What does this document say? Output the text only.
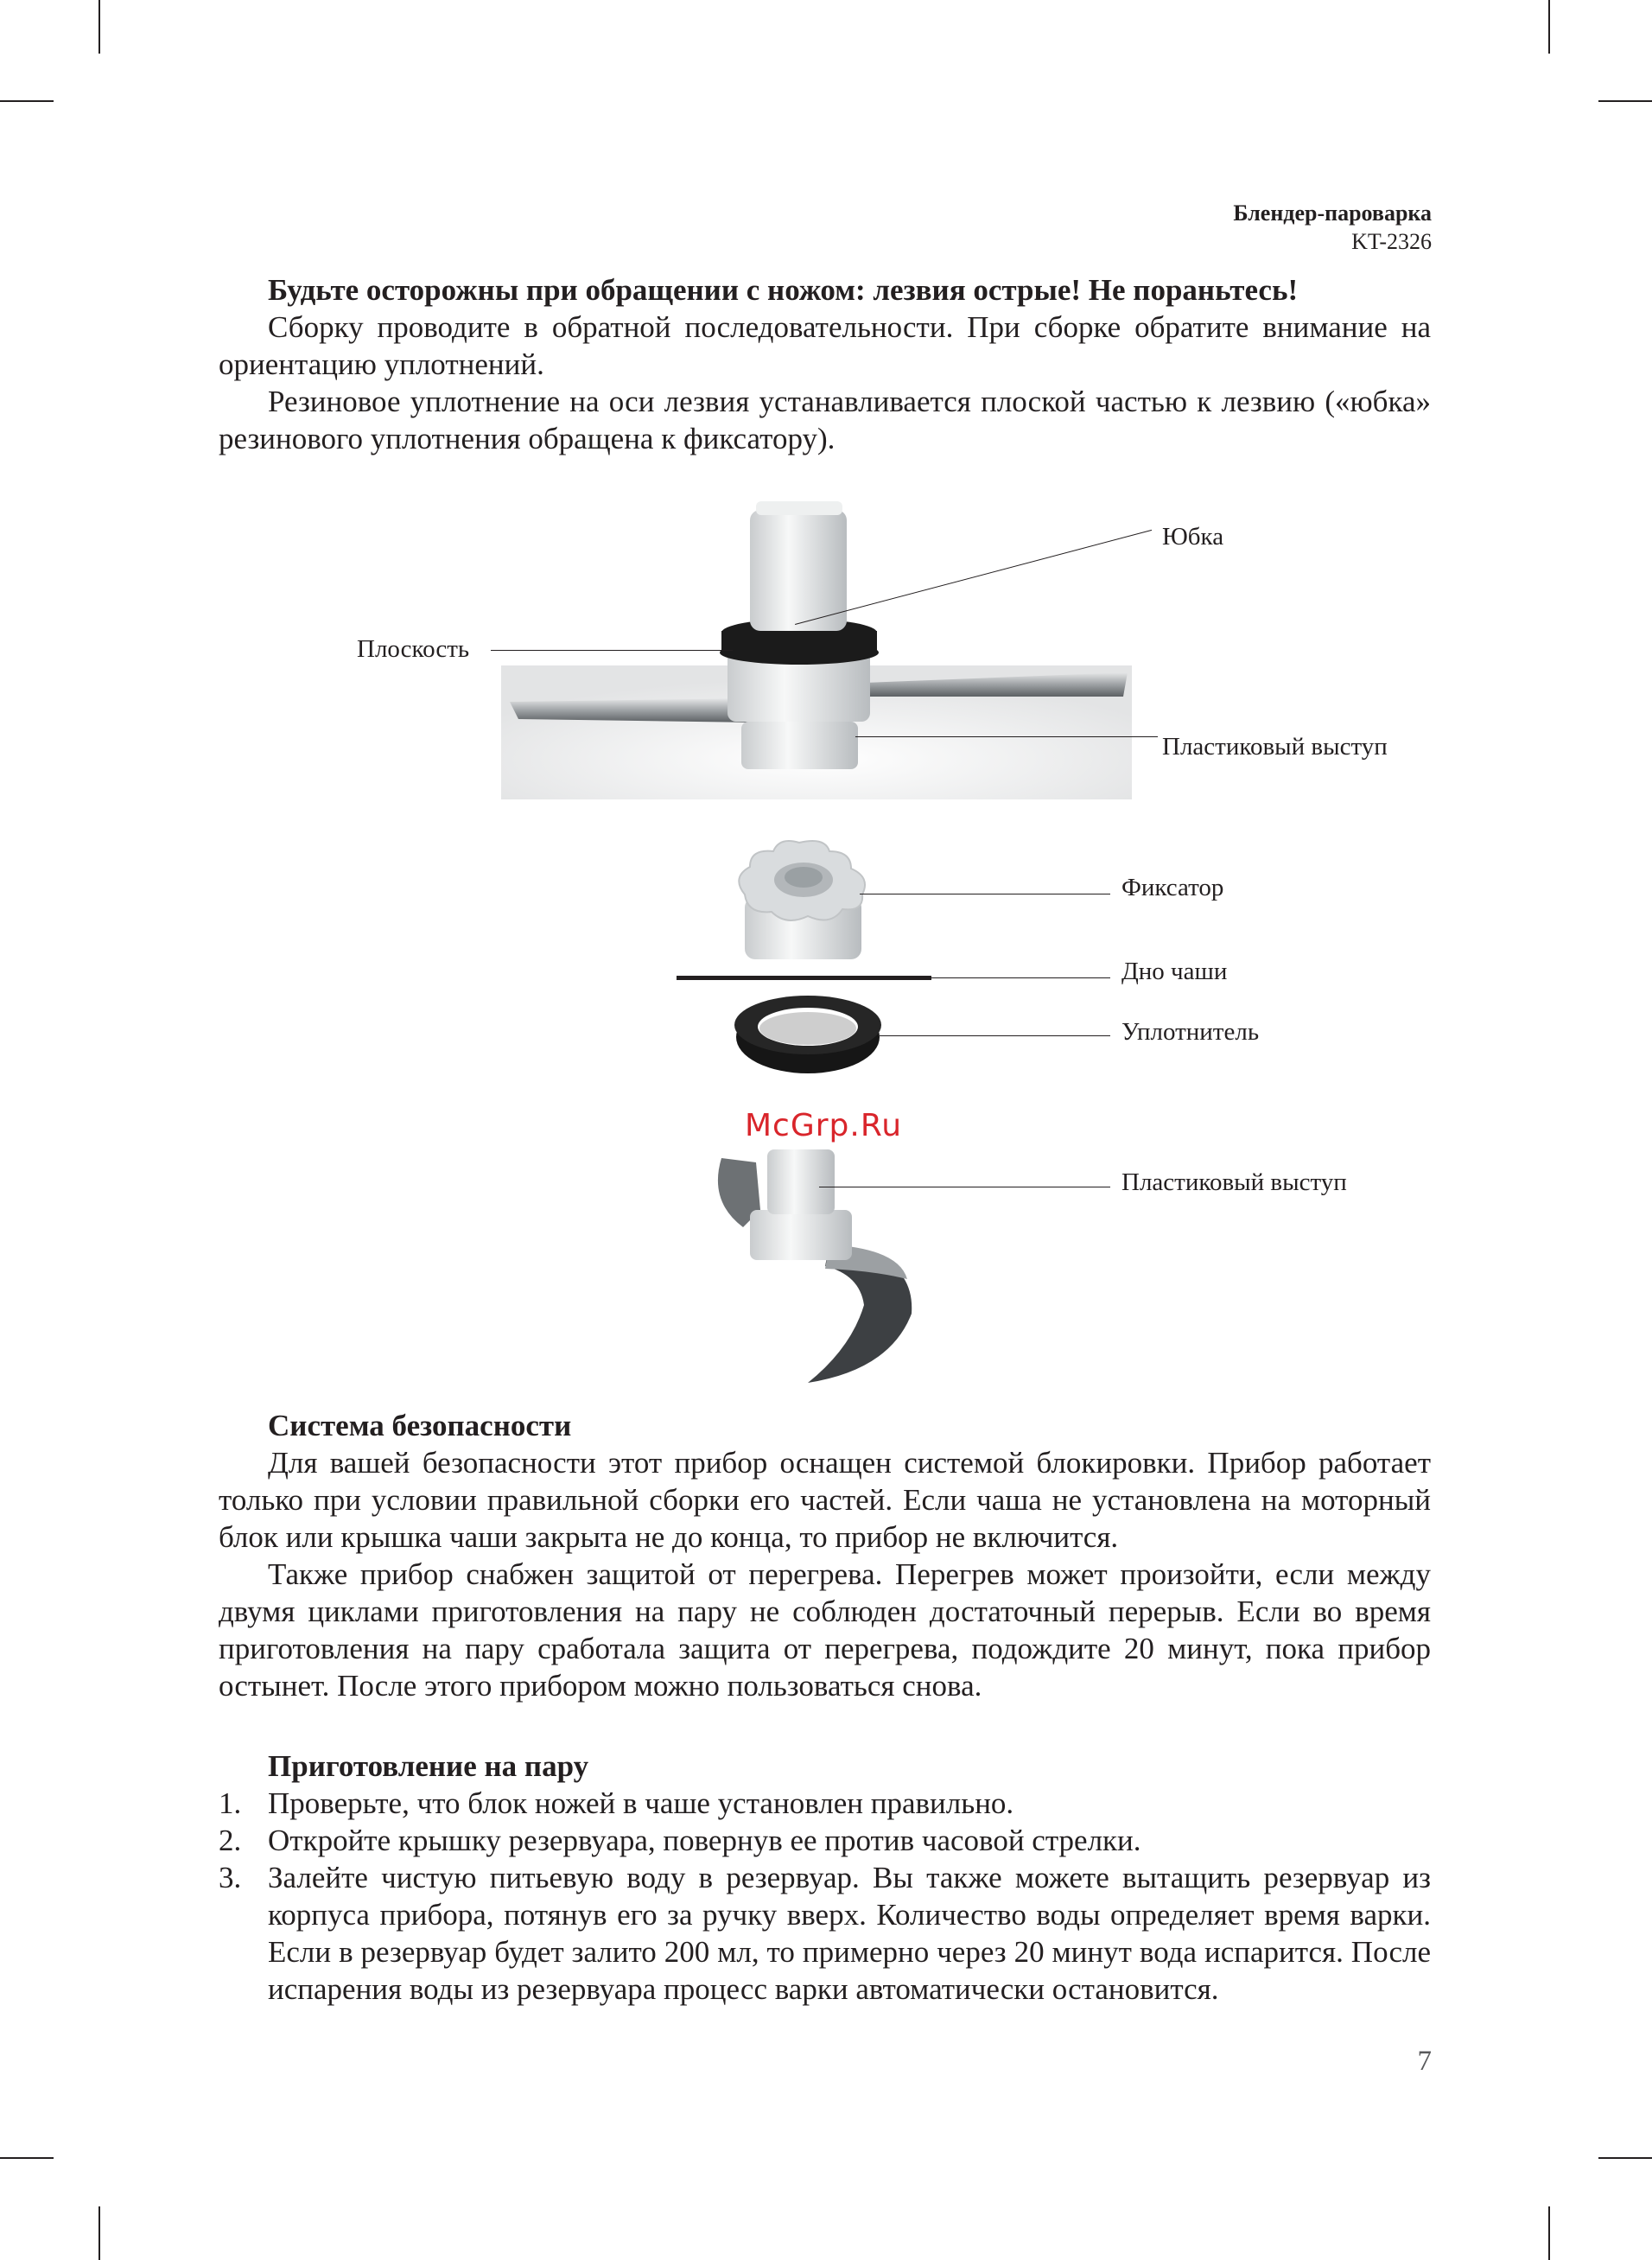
Блендер-пароварка
KT-2326

Будьте осторожны при обращении с ножом: лезвия острые! Не пораньтесь!

Сборку проводите в обратной последовательности. При сборке обратите внимание на ориентацию уплотнений.

Резиновое уплотнение на оси лезвия устанавливается плоской частью к лезвию («юбка» резинового уплотнения обращена к фиксатору).

Юбка
Плоскость
Пластиковый выступ
Фиксатор
Дно чаши
Уплотнитель
Пластиковый выступ
McGrp.Ru
Система безопасности

Для вашей безопасности этот прибор оснащен системой блокировки. Прибор работает только при условии правильной сборки его частей. Если чаша не установлена на моторный блок или крышка чаши закрыта не до конца, то прибор не включится.

Также прибор снабжен защитой от перегрева. Перегрев может произойти, если между двумя циклами приготовления на пару не соблюден достаточный перерыв. Если во время приготовления на пару сработала защита от перегрева, подождите 20 минут, пока прибор остынет. После этого прибором можно пользоваться снова.

Приготовление на пару
1. Проверьте, что блок ножей в чаше установлен правильно.
2. Откройте крышку резервуара, повернув ее против часовой стрелки.
3. Залейте чистую питьевую воду в резервуар. Вы также можете вытащить резервуар из корпуса прибора, потянув его за ручку вверх. Количество воды определяет время варки. Если в резервуар будет залито 200 мл, то примерно через 20 минут вода испарится. После испарения воды из резервуара процесс варки автоматически остановится.
7
